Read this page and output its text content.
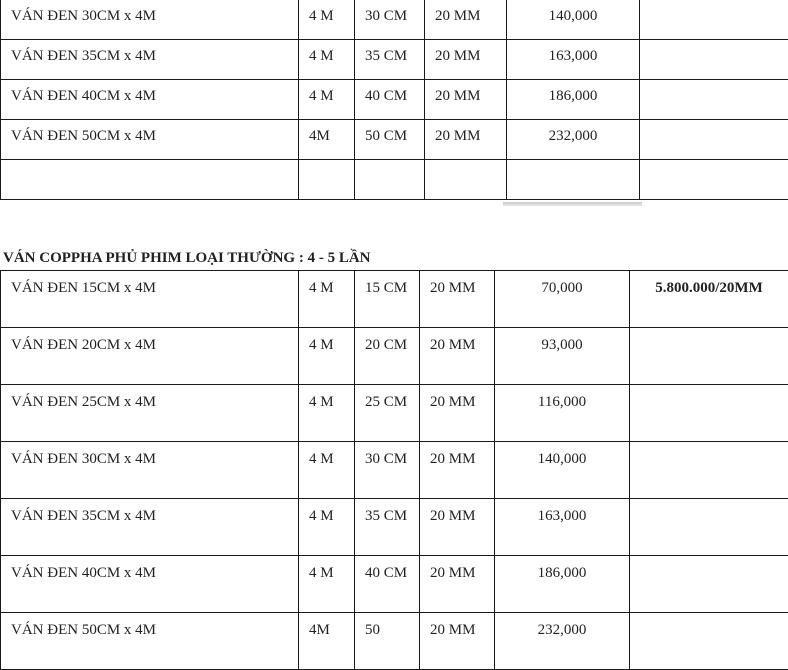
VÁN ĐEN 30CM x 4M	4 M	30 CM	20 MM	140,000	
VÁN ĐEN 35CM x 4M	4 M	35 CM	20 MM	163,000	
VÁN ĐEN 40CM x 4M	4 M	40 CM	20 MM	186,000	
VÁN ĐEN 50CM x 4M	4M	50 CM	20 MM	232,000	

VÁN COPPHA PHỦ PHIM LOẠI THƯỜNG : 4 - 5 LẦN
VÁN ĐEN 15CM x 4M	4 M	15 CM	20 MM	70,000	5.800.000/20MM
VÁN ĐEN 20CM x 4M	4 M	20 CM	20 MM	93,000	
VÁN ĐEN 25CM x 4M	4 M	25 CM	20 MM	116,000	
VÁN ĐEN 30CM x 4M	4 M	30 CM	20 MM	140,000	
VÁN ĐEN 35CM x 4M	4 M	35 CM	20 MM	163,000	
VÁN ĐEN 40CM x 4M	4 M	40 CM	20 MM	186,000	
VÁN ĐEN 50CM x 4M	4M	50	20 MM	232,000	
